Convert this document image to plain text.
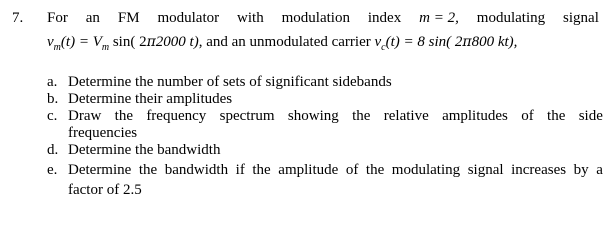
7. For an FM modulator with modulation index m = 2, modulating signal
$v_m(t) = V_m$ sin( 2π2000 t), and an unmodulated carrier $v_c(t) = 8$ sin( 2π800 kt),
a. Determine the number of sets of significant sidebands
b. Determine their amplitudes
c. Draw the frequency spectrum showing the relative amplitudes of the side
frequencies
d. Determine the bandwidth
e. Determine the bandwidth if the amplitude of the modulating signal increases by a
factor of 2.5
